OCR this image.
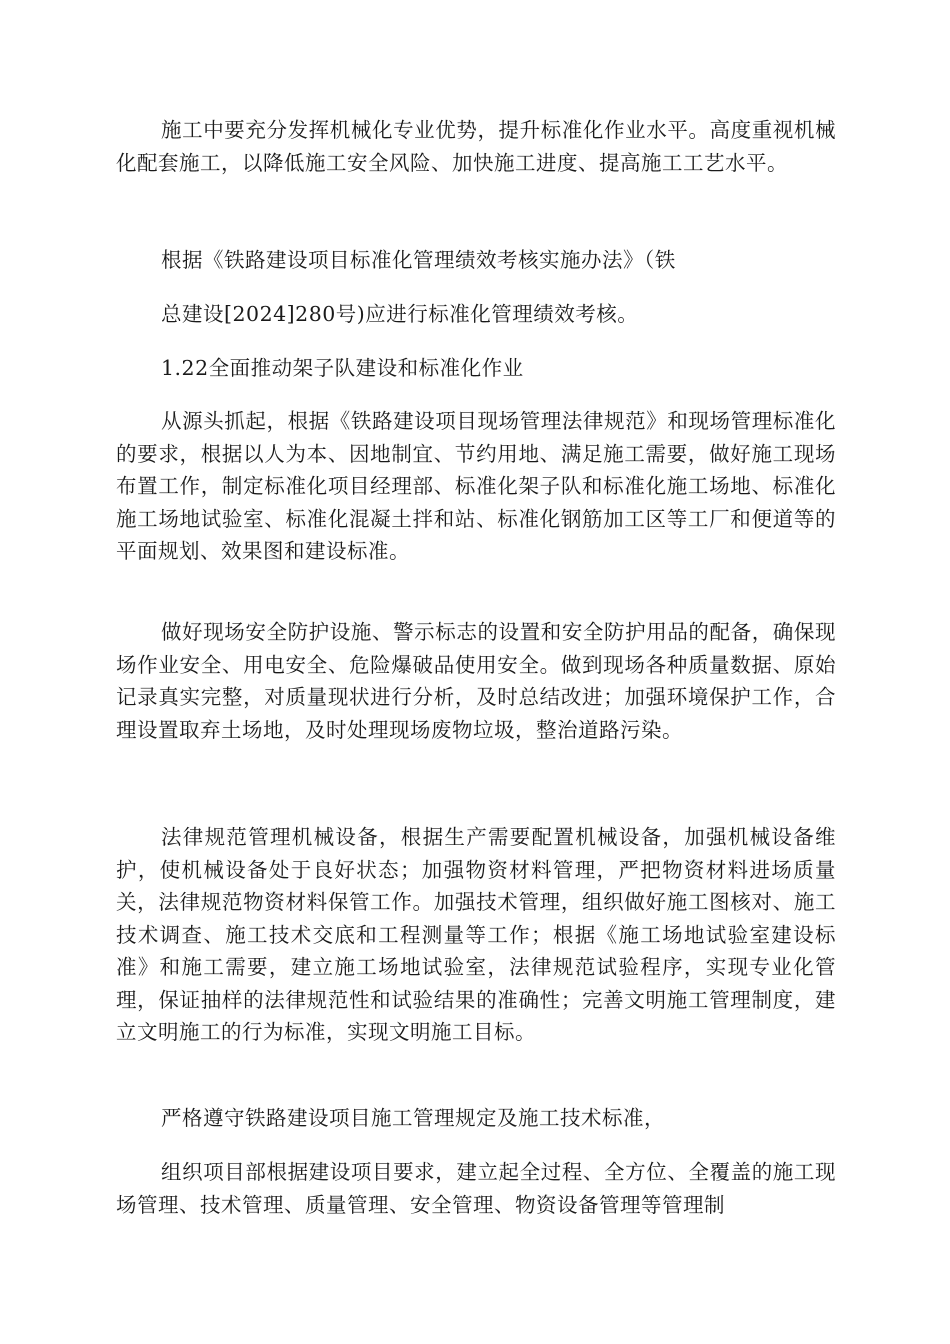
施工中要充分发挥机械化专业优势，提升标准化作业水平。高度重视机械化配套施工，以降低施工安全风险、加快施工进度、提高施工工艺水平。

根据《铁路建设项目标准化管理绩效考核实施办法》（铁

总建设[2024]280号)应进行标准化管理绩效考核。

1.22全面推动架子队建设和标准化作业

从源头抓起，根据《铁路建设项目现场管理法律规范》和现场管理标准化的要求，根据以人为本、因地制宜、节约用地、满足施工需要，做好施工现场布置工作，制定标准化项目经理部、标准化架子队和标准化施工场地、标准化施工场地试验室、标准化混凝土拌和站、标准化钢筋加工区等工厂和便道等的平面规划、效果图和建设标准。

做好现场安全防护设施、警示标志的设置和安全防护用品的配备，确保现场作业安全、用电安全、危险爆破品使用安全。做到现场各种质量数据、原始记录真实完整，对质量现状进行分析，及时总结改进；加强环境保护工作，合理设置取弃土场地，及时处理现场废物垃圾，整治道路污染。

法律规范管理机械设备，根据生产需要配置机械设备，加强机械设备维护，使机械设备处于良好状态；加强物资材料管理，严把物资材料进场质量关，法律规范物资材料保管工作。加强技术管理，组织做好施工图核对、施工技术调查、施工技术交底和工程测量等工作；根据《施工场地试验室建设标准》和施工需要，建立施工场地试验室，法律规范试验程序，实现专业化管理，保证抽样的法律规范性和试验结果的准确性；完善文明施工管理制度，建立文明施工的行为标准，实现文明施工目标。

严格遵守铁路建设项目施工管理规定及施工技术标准，

组织项目部根据建设项目要求，建立起全过程、全方位、全覆盖的施工现场管理、技术管理、质量管理、安全管理、物资设备管理等管理制
